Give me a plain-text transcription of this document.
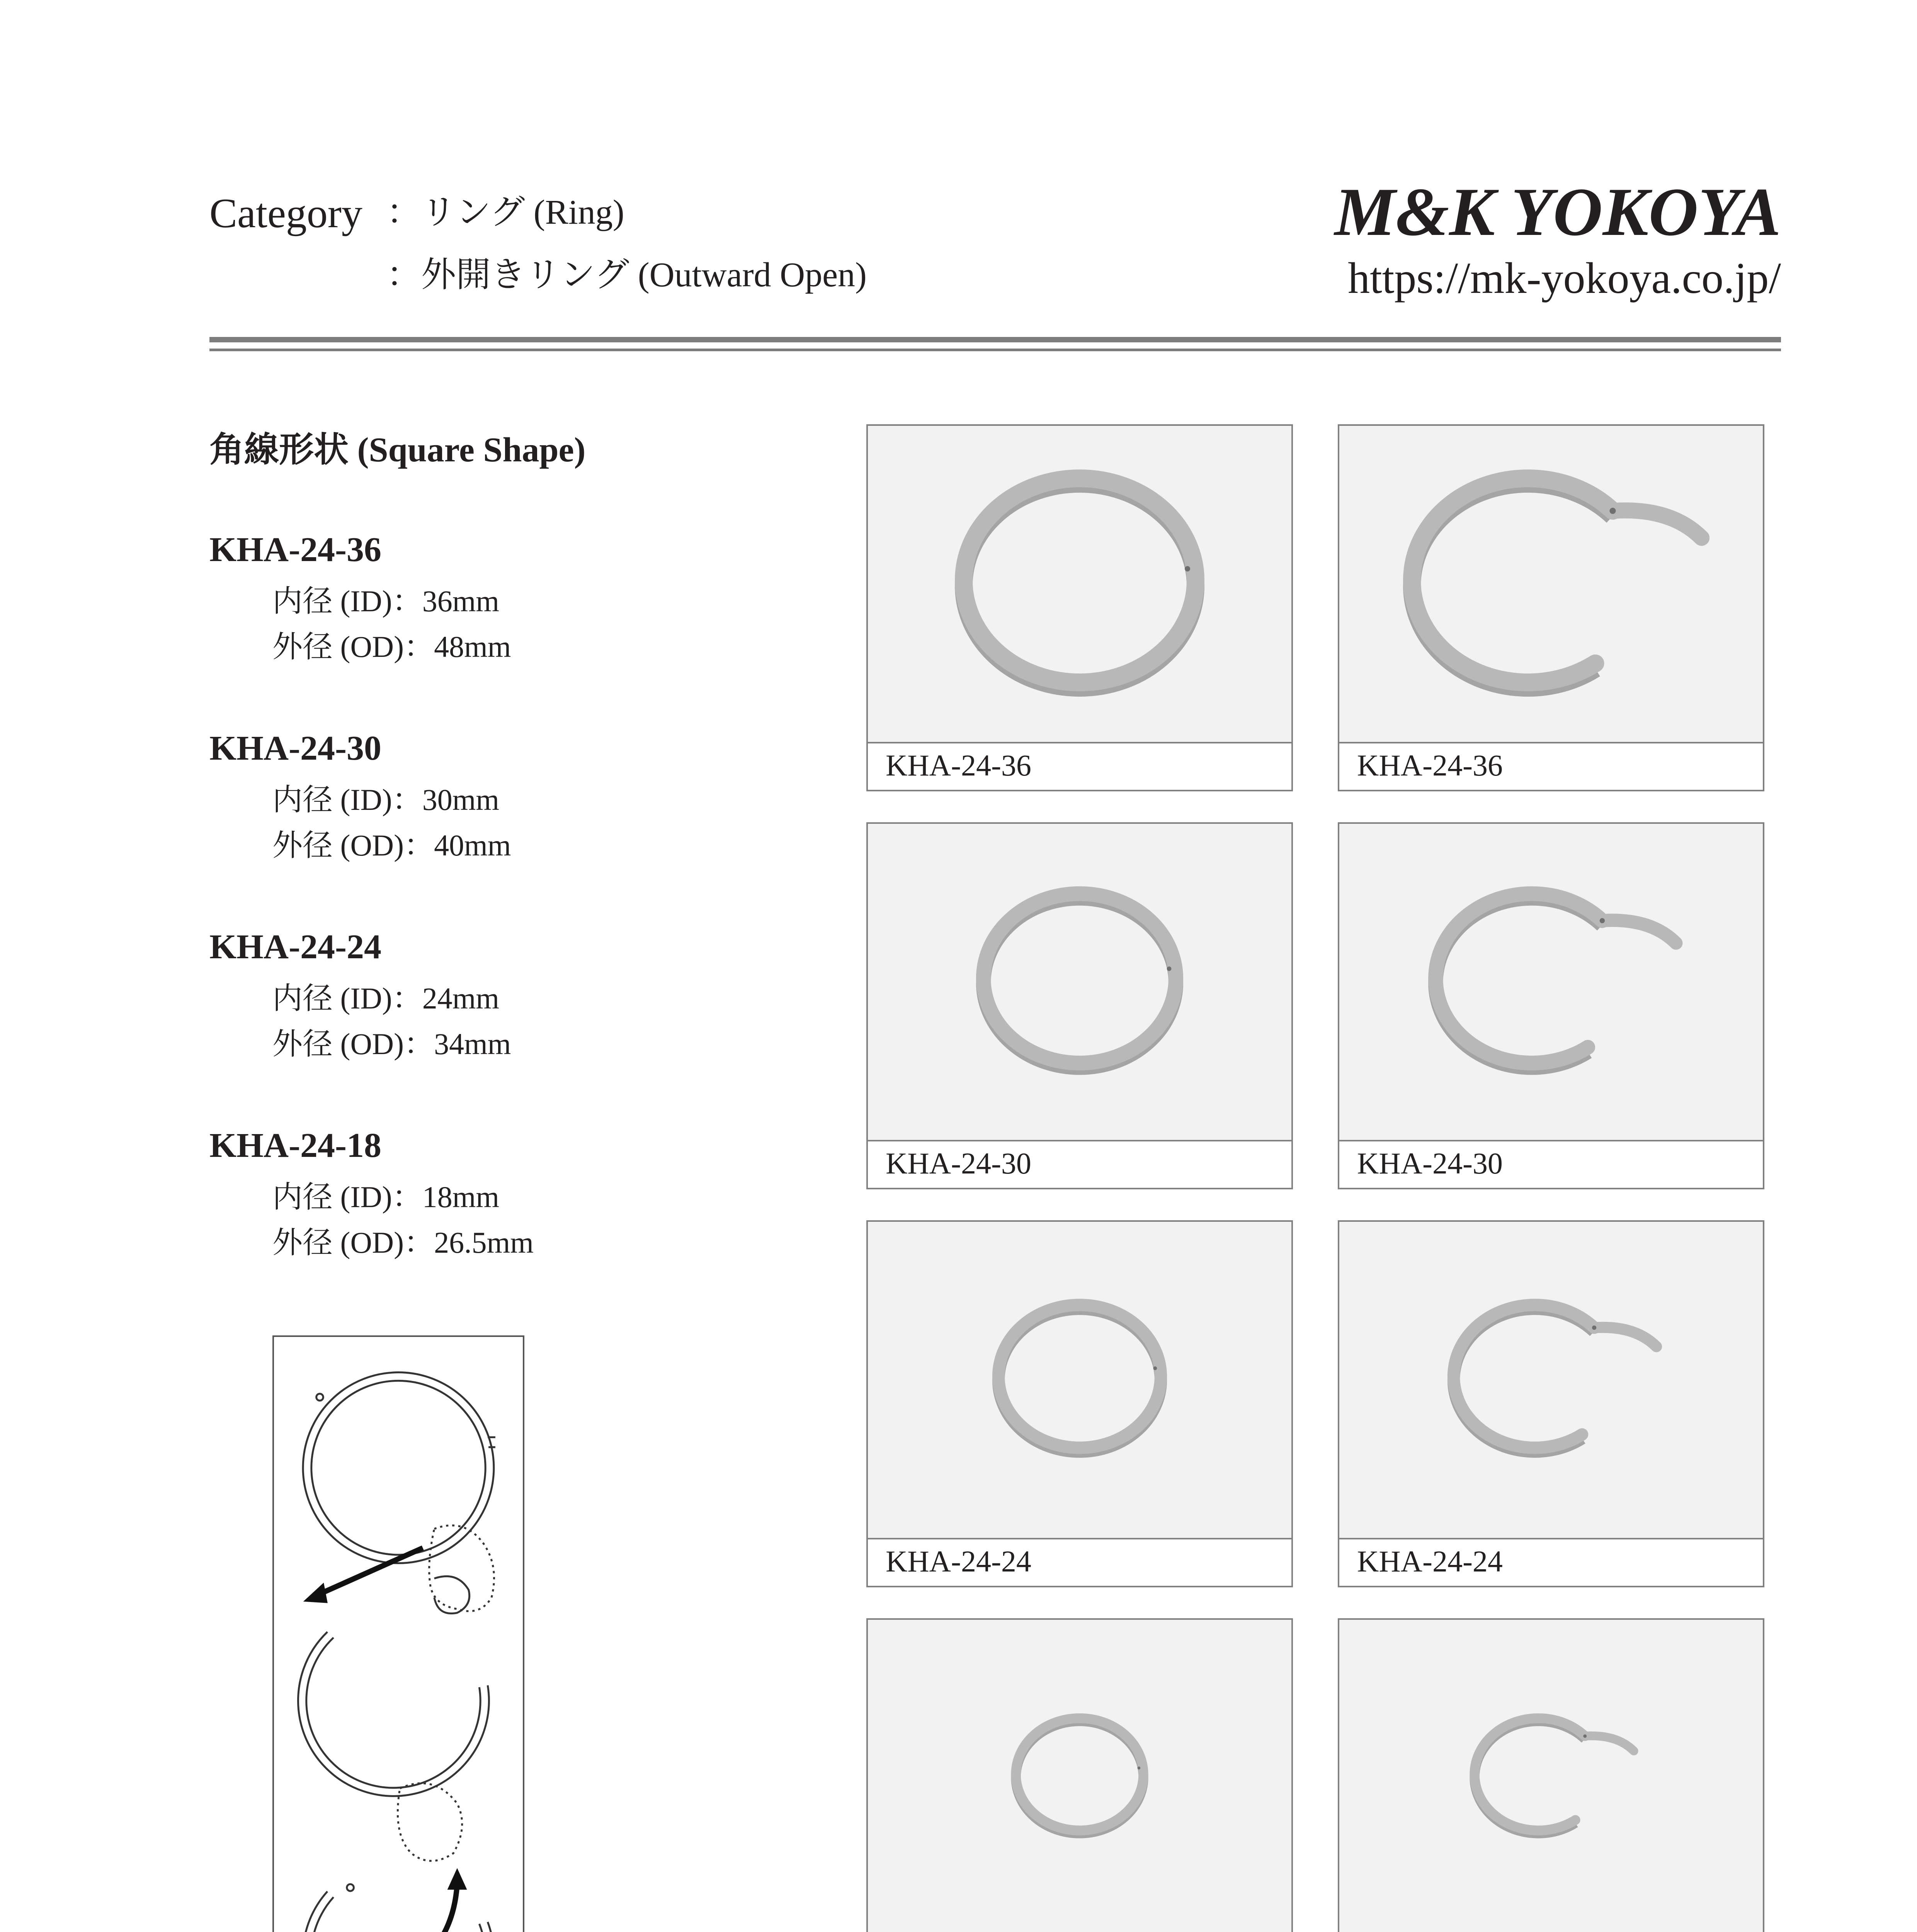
Category ：リング (Ring)
：外開きリング (Outward Open)
M&K YOKOYA
https://mk-yokoya.co.jp/
角線形状 (Square Shape)
KHA-24-36
内径 (ID)：36mm
外径 (OD)：48mm
KHA-24-30
内径 (ID)：30mm
外径 (OD)：40mm
KHA-24-24
内径 (ID)：24mm
外径 (OD)：34mm
KHA-24-18
内径 (ID)：18mm
外径 (OD)：26.5mm
KHA-24-36	KHA-24-36
KHA-24-30	KHA-24-30
KHA-24-24	KHA-24-24
